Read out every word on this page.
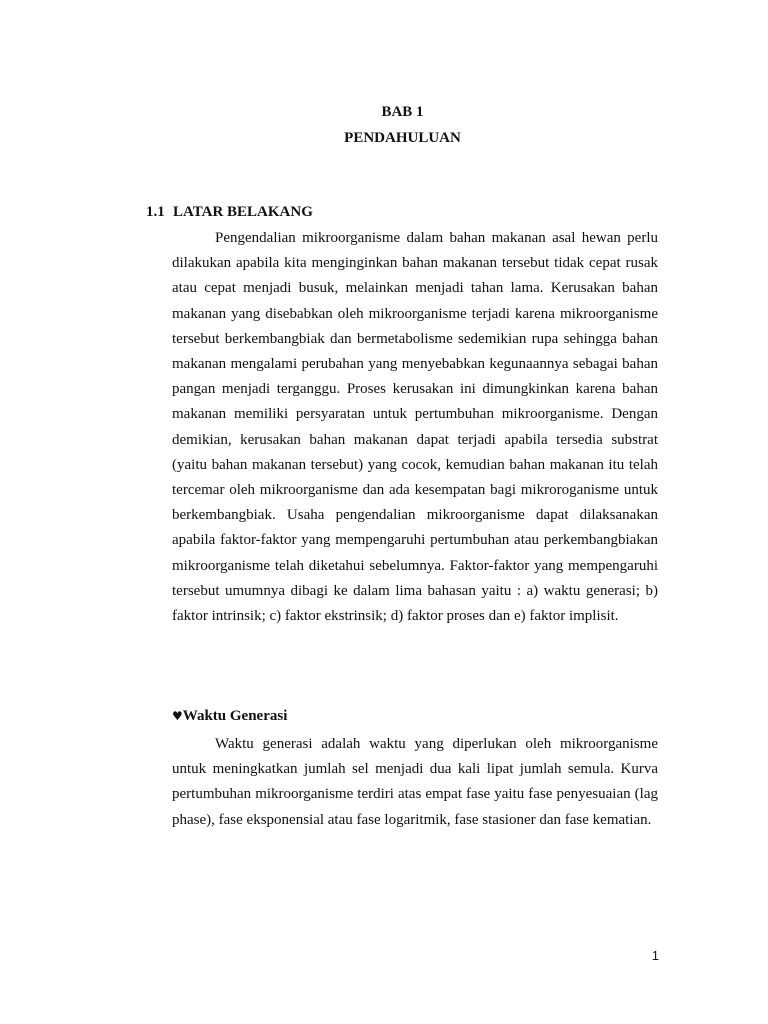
BAB 1
PENDAHULUAN
1.1 LATAR BELAKANG

Pengendalian mikroorganisme dalam bahan makanan asal hewan perlu dilakukan apabila kita menginginkan bahan makanan tersebut tidak cepat rusak atau cepat menjadi busuk, melainkan menjadi tahan lama. Kerusakan bahan makanan yang disebabkan oleh mikroorganisme terjadi karena mikroorganisme tersebut berkembangbiak dan bermetabolisme sedemikian rupa sehingga bahan makanan mengalami perubahan yang menyebabkan kegunaannya sebagai bahan pangan menjadi terganggu. Proses kerusakan ini dimungkinkan karena bahan makanan memiliki persyaratan untuk pertumbuhan mikroorganisme. Dengan demikian, kerusakan bahan makanan dapat terjadi apabila tersedia substrat (yaitu bahan makanan tersebut) yang cocok, kemudian bahan makanan itu telah tercemar oleh mikroorganisme dan ada kesempatan bagi mikroroganisme untuk berkembangbiak. Usaha pengendalian mikroorganisme dapat dilaksanakan apabila faktor-faktor yang mempengaruhi pertumbuhan atau perkembangbiakan mikroorganisme telah diketahui sebelumnya. Faktor-faktor yang mempengaruhi tersebut umumnya dibagi ke dalam lima bahasan yaitu : a) waktu generasi; b) faktor intrinsik; c) faktor ekstrinsik; d) faktor proses dan e) faktor implisit.

♥Waktu Generasi

Waktu generasi adalah waktu yang diperlukan oleh mikroorganisme untuk meningkatkan jumlah sel menjadi dua kali lipat jumlah semula. Kurva pertumbuhan mikroorganisme terdiri atas empat fase yaitu fase penyesuaian (lag phase), fase eksponensial atau fase logaritmik, fase stasioner dan fase kematian.

1
